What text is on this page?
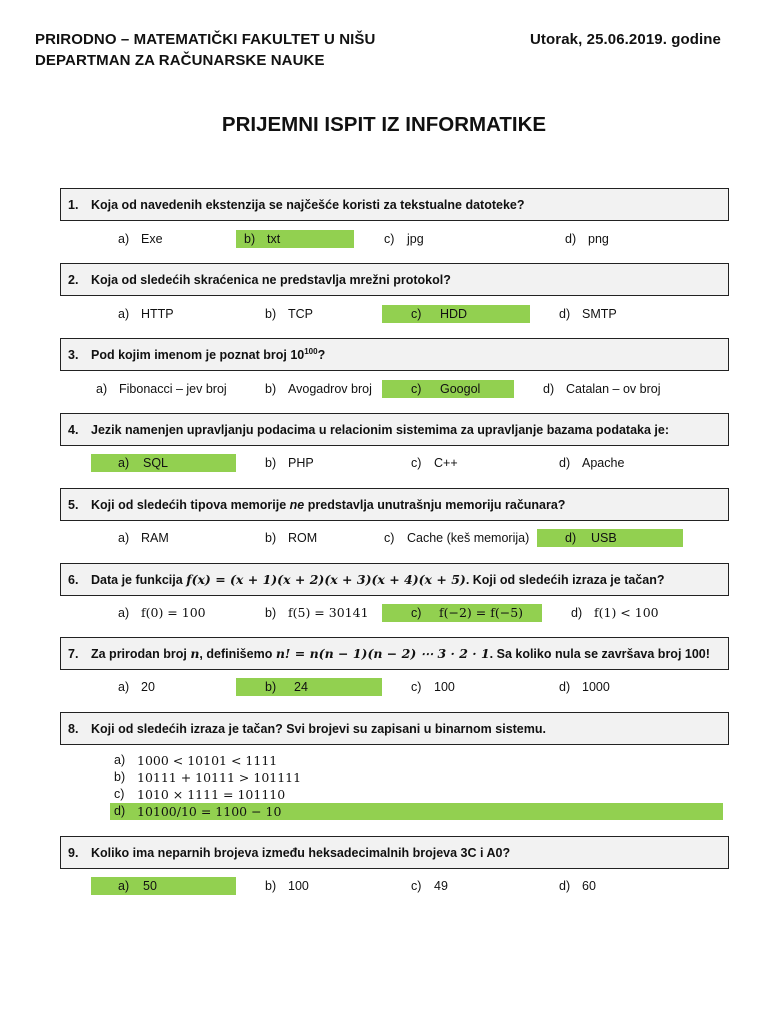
PRIRODNO – MATEMATIČKI FAKULTET U NIŠU
DEPARTMAN ZA RAČUNARSKE NAUKE
Utorak, 25.06.2019. godine
PRIJEMNI ISPIT IZ INFORMATIKE
1.	Koja od navedenih ekstenzija se najčešće koristi za tekstualne datoteke?
a) Exe	b) txt	c)	jpg	d) png
2.	Koja od sledećih skraćenica ne predstavlja mrežni protokol?
a) HTTP	b) TCP	c)	HDD	d) SMTP
3.	Pod kojim imenom je poznat broj $10^{100}$?
a) Fibonacci – jev broj	b) Avogadrov broj	c)	Googol	d) Catalan – ov broj
4.	Jezik namenjen upravljanju podacima u relacionim sistemima za upravljanje bazama podataka je:
a)	SQL	b) PHP	c)	C++	d) Apache
5.	Koji od sledećih tipova memorije ne predstavlja unutrašnju memoriju računara?
a) RAM	b) ROM	c)	Cache (keš memorija)	d)	USB
6.	Data je funkcija f(x) = (x + 1)(x + 2)(x + 3)(x + 4)(x + 5). Koji od sledećih izraza je tačan?
a) f(0) = 100	b) f(5) = 30141	c)	f(−2) = f(−5)	d) f(1) < 100
7.	Za prirodan broj n, definišemo n! = n(n − 1)(n − 2) ⋯ 3 · 2 · 1. Sa koliko nula se završava broj 100!
a) 20	b)	24	c)	100	d) 1000
8.	Koji od sledećih izraza je tačan? Svi brojevi su zapisani u binarnom sistemu.
a) 1000 < 10101 < 1111
b) 10111 + 10111 > 101111
c)	1010 × 1111 = 101110
d) 10100/10 = 1100 − 10
9.	Koliko ima neparnih brojeva između heksadecimalnih brojeva 3C i A0?
a)	50	b) 100	c)	49	d) 60
